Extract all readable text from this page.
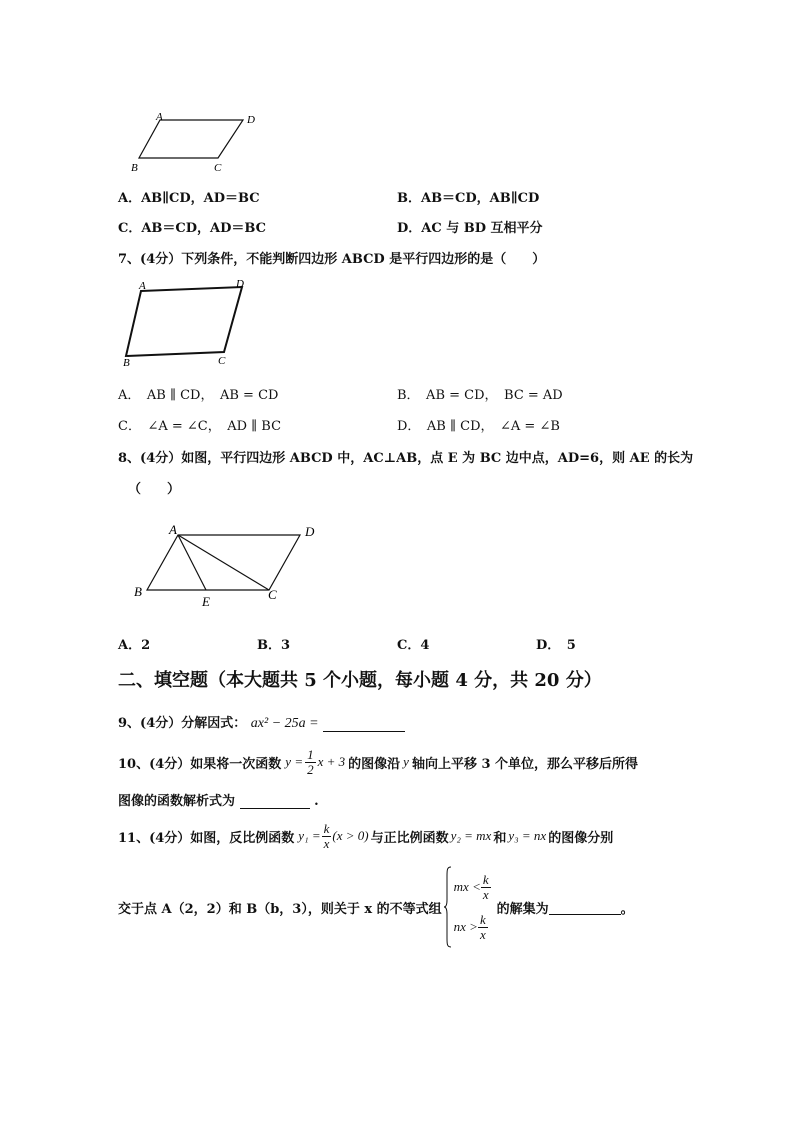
A	D
B	C
A．AB∥CD，AD＝BC	B．AB＝CD，AB∥CD
C．AB＝CD，AD＝BC	D．AC 与 BD 互相平分
7、(4分）下列条件，不能判断四边形 ABCD 是平行四边形的是（　　）
A	D
B	C
A．　AB ∥ CD，　AB = CD	B．　AB = CD，　BC = AD
C．　∠A = ∠C，　AD ∥ BC	D．　AB ∥ CD，　∠A = ∠B
8、(4分）如图，平行四边形 ABCD 中，AC⊥AB，点 E 为 BC 边中点，AD=6，则 AE 的长为
（　　）
A	D
B
E	C
A．2	B．3	C．4	D．　5
二、填空题（本大题共 5 个小题，每小题 4 分，共 20 分）
9、(4分）分解因式： ax² − 25a =
10、(4分）如果将一次函数 $y = \frac{1}{2}$ x + 3 的图像沿 y 轴向上平移 3 个单位，那么平移后所得
图像的函数解析式为	.
11、(4分）如图，反比例函数 $y_1 = \frac{k}{x} (x > 0)$ 与正比例函数 y₂ = mx 和 y₃ = nx 的图像分别
交于点 A（2，2）和 B（b，3），则关于 x 的不等式组
mx < $\frac{k}{x}$
nx > $\frac{k}{x}$
的解集为	。
